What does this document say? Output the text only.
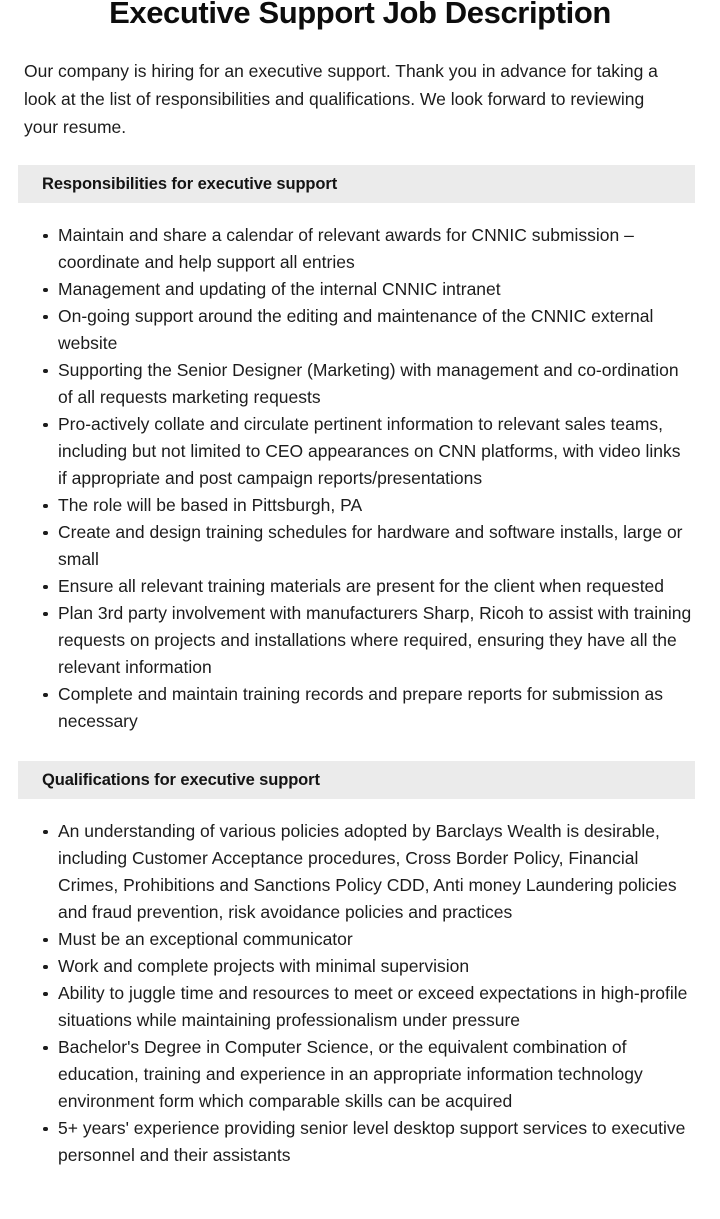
Executive Support Job Description

Our company is hiring for an executive support. Thank you in advance for taking a look at the list of responsibilities and qualifications. We look forward to reviewing your resume.

Responsibilities for executive support
Maintain and share a calendar of relevant awards for CNNIC submission – coordinate and help support all entries
Management and updating of the internal CNNIC intranet
On-going support around the editing and maintenance of the CNNIC external website
Supporting the Senior Designer (Marketing) with management and co-ordination of all requests marketing requests
Pro-actively collate and circulate pertinent information to relevant sales teams, including but not limited to CEO appearances on CNN platforms, with video links if appropriate and post campaign reports/presentations
The role will be based in Pittsburgh, PA
Create and design training schedules for hardware and software installs, large or small
Ensure all relevant training materials are present for the client when requested
Plan 3rd party involvement with manufacturers Sharp, Ricoh to assist with training requests on projects and installations where required, ensuring they have all the relevant information
Complete and maintain training records and prepare reports for submission as necessary
Qualifications for executive support
An understanding of various policies adopted by Barclays Wealth is desirable, including Customer Acceptance procedures, Cross Border Policy, Financial Crimes, Prohibitions and Sanctions Policy CDD, Anti money Laundering policies and fraud prevention, risk avoidance policies and practices
Must be an exceptional communicator
Work and complete projects with minimal supervision
Ability to juggle time and resources to meet or exceed expectations in high-profile situations while maintaining professionalism under pressure
Bachelor's Degree in Computer Science, or the equivalent combination of education, training and experience in an appropriate information technology environment form which comparable skills can be acquired
5+ years' experience providing senior level desktop support services to executive personnel and their assistants
